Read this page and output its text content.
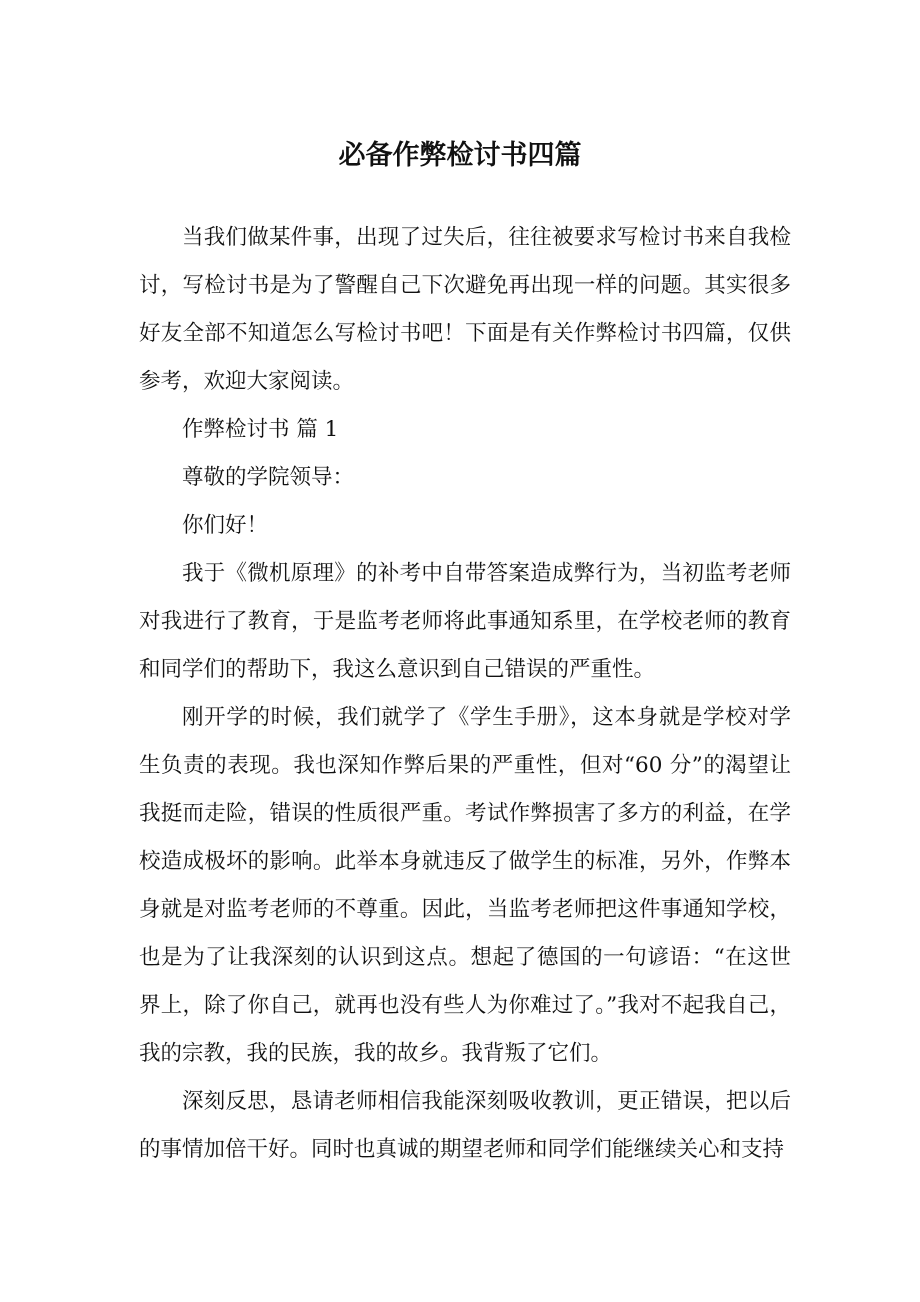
必备作弊检讨书四篇

当我们做某件事，出现了过失后，往往被要求写检讨书来自我检讨，写检讨书是为了警醒自己下次避免再出现一样的问题。其实很多好友全部不知道怎么写检讨书吧！下面是有关作弊检讨书四篇，仅供参考，欢迎大家阅读。

作弊检讨书 篇 1

尊敬的学院领导：

你们好！

我于《微机原理》的补考中自带答案造成弊行为，当初监考老师对我进行了教育，于是监考老师将此事通知系里，在学校老师的教育和同学们的帮助下，我这么意识到自己错误的严重性。

刚开学的时候，我们就学了《学生手册》，这本身就是学校对学生负责的表现。我也深知作弊后果的严重性，但对“60 分”的渴望让我挺而走险，错误的性质很严重。考试作弊损害了多方的利益，在学校造成极坏的影响。此举本身就违反了做学生的标准，另外，作弊本身就是对监考老师的不尊重。因此，当监考老师把这件事通知学校，也是为了让我深刻的认识到这点。想起了德国的一句谚语：“在这世界上，除了你自己，就再也没有些人为你难过了。”我对不起我自己，我的宗教，我的民族，我的故乡。我背叛了它们。

深刻反思，恳请老师相信我能深刻吸收教训，更正错误，把以后的事情加倍干好。同时也真诚的期望老师和同学们能继续关心和支持
